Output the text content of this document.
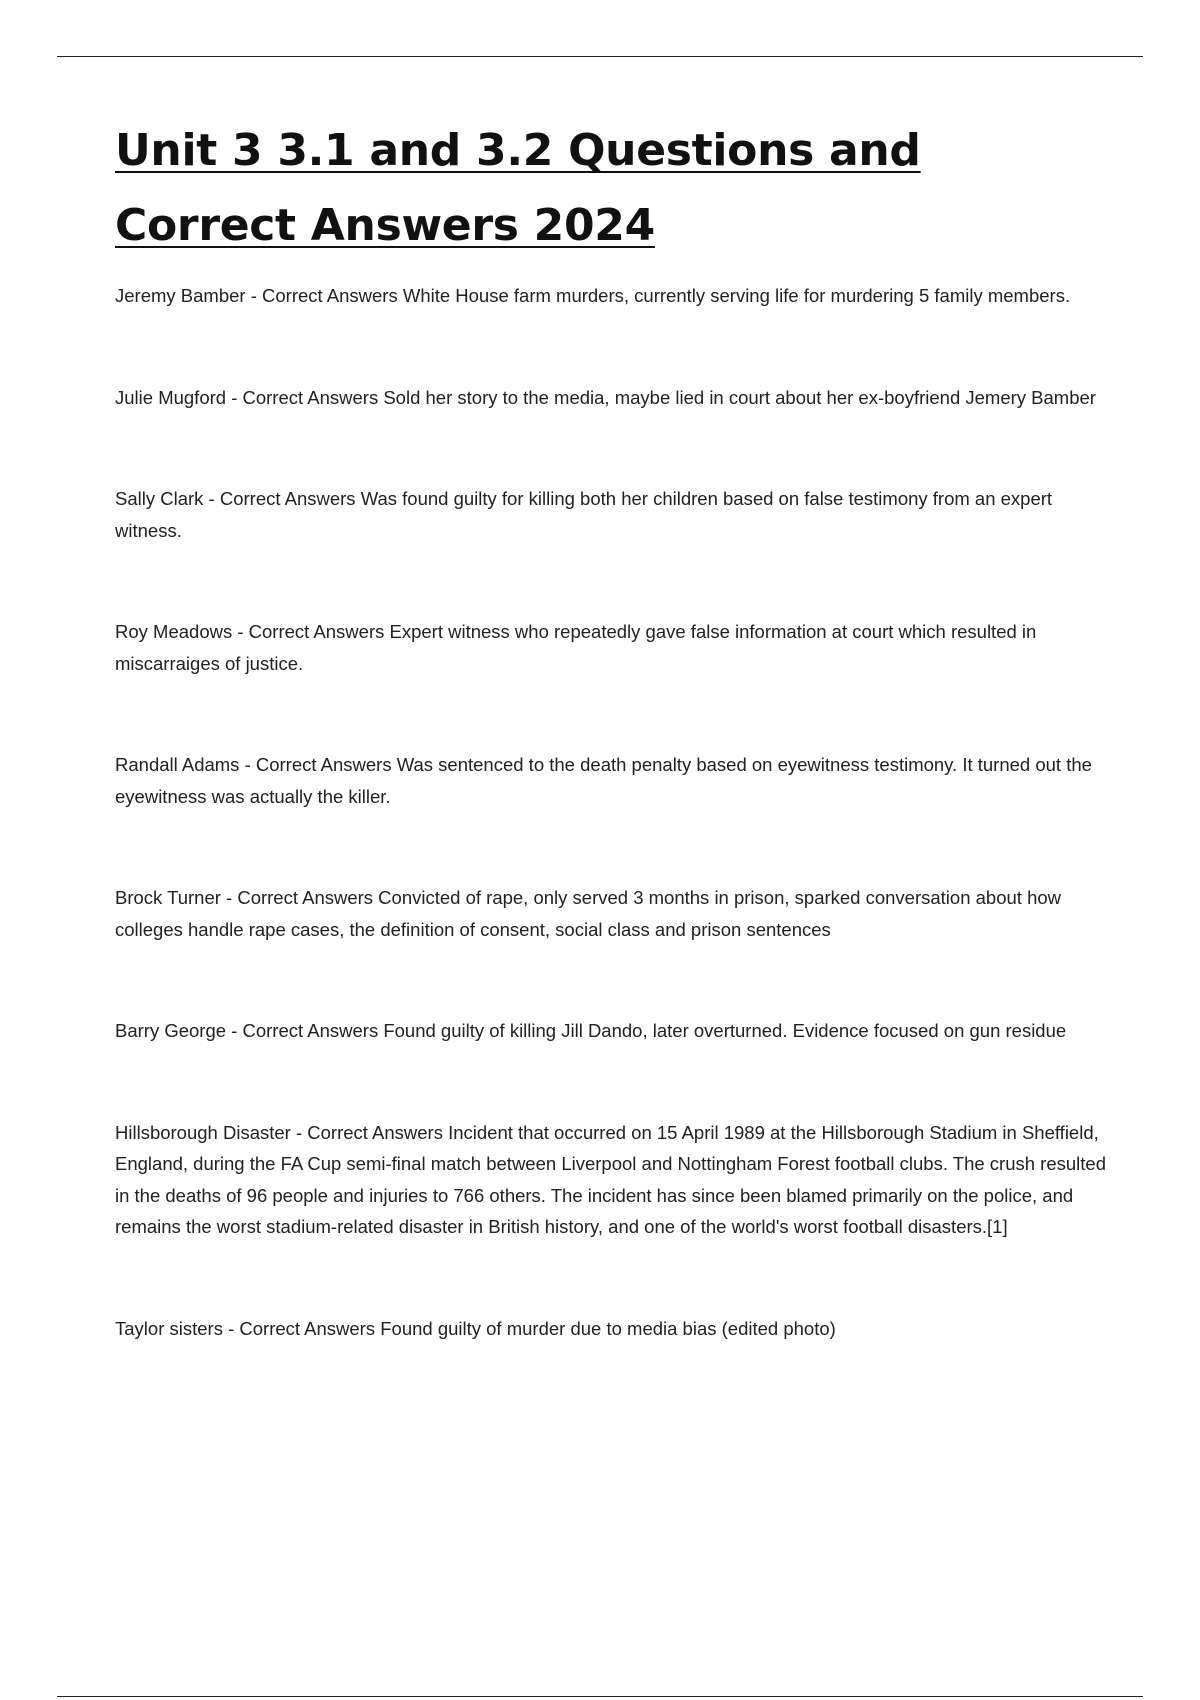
Unit 3 3.1 and 3.2 Questions and Correct Answers 2024
Jeremy Bamber - Correct Answers White House farm murders, currently serving life for murdering 5 family members.
Julie Mugford - Correct Answers Sold her story to the media, maybe lied in court about her ex-boyfriend Jemery Bamber
Sally Clark - Correct Answers Was found guilty for killing both her children based on false testimony from an expert witness.
Roy Meadows - Correct Answers Expert witness who repeatedly gave false information at court which resulted in miscarraiges of justice.
Randall Adams - Correct Answers Was sentenced to the death penalty based on eyewitness testimony. It turned out the eyewitness was actually the killer.
Brock Turner - Correct Answers Convicted of rape, only served 3 months in prison, sparked conversation about how colleges handle rape cases, the definition of consent, social class and prison sentences
Barry George - Correct Answers Found guilty of killing Jill Dando, later overturned. Evidence focused on gun residue
Hillsborough Disaster - Correct Answers Incident that occurred on 15 April 1989 at the Hillsborough Stadium in Sheffield, England, during the FA Cup semi-final match between Liverpool and Nottingham Forest football clubs. The crush resulted in the deaths of 96 people and injuries to 766 others. The incident has since been blamed primarily on the police, and remains the worst stadium-related disaster in British history, and one of the world's worst football disasters.[1]
Taylor sisters - Correct Answers Found guilty of murder due to media bias (edited photo)
